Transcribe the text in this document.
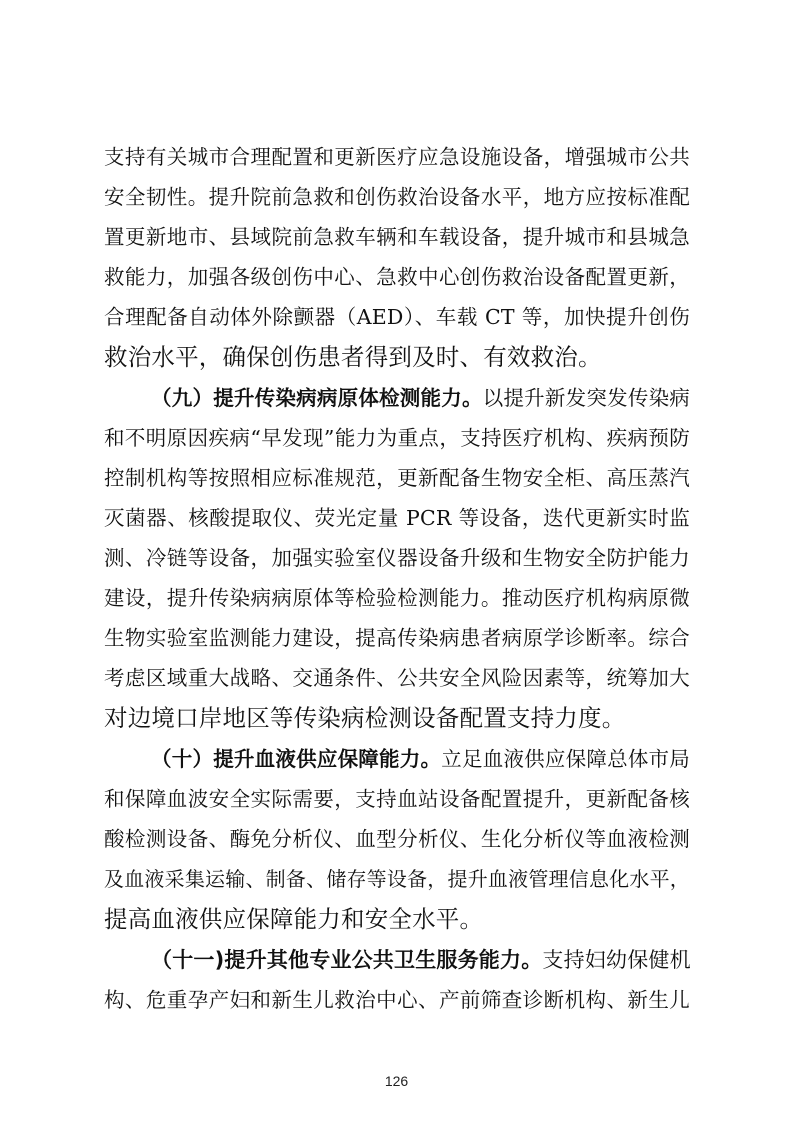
支持有关城市合理配置和更新医疗应急设施设备，增强城市公共
安全韧性。提升院前急救和创伤救治设备水平，地方应按标准配
置更新地市、县域院前急救车辆和车载设备，提升城市和县城急
救能力，加强各级创伤中心、急救中心创伤救治设备配置更新，
合理配备自动体外除颤器（AED）、车载 CT 等，加快提升创伤
救治水平，确保创伤患者得到及时、有效救治。
（九）提升传染病病原体检测能力。以提升新发突发传染病
和不明原因疾病“早发现”能力为重点，支持医疗机构、疾病预防
控制机构等按照相应标准规范，更新配备生物安全柜、高压蒸汽
灭菌器、核酸提取仪、荧光定量 PCR 等设备，迭代更新实时监
测、冷链等设备，加强实验室仪器设备升级和生物安全防护能力
建设，提升传染病病原体等检验检测能力。推动医疗机构病原微
生物实验室监测能力建设，提高传染病患者病原学诊断率。综合
考虑区域重大战略、交通条件、公共安全风险因素等，统筹加大
对边境口岸地区等传染病检测设备配置支持力度。
（十）提升血液供应保障能力。立足血液供应保障总体市局
和保障血波安全实际需要，支持血站设备配置提升，更新配备核
酸检测设备、酶免分析仪、血型分析仪、生化分析仪等血液检测
及血液采集运输、制备、储存等设备，提升血液管理信息化水平，
提高血液供应保障能力和安全水平。
（十一)提升其他专业公共卫生服务能力。支持妇幼保健机
构、危重孕产妇和新生儿救治中心、产前筛查诊断机构、新生儿
126
